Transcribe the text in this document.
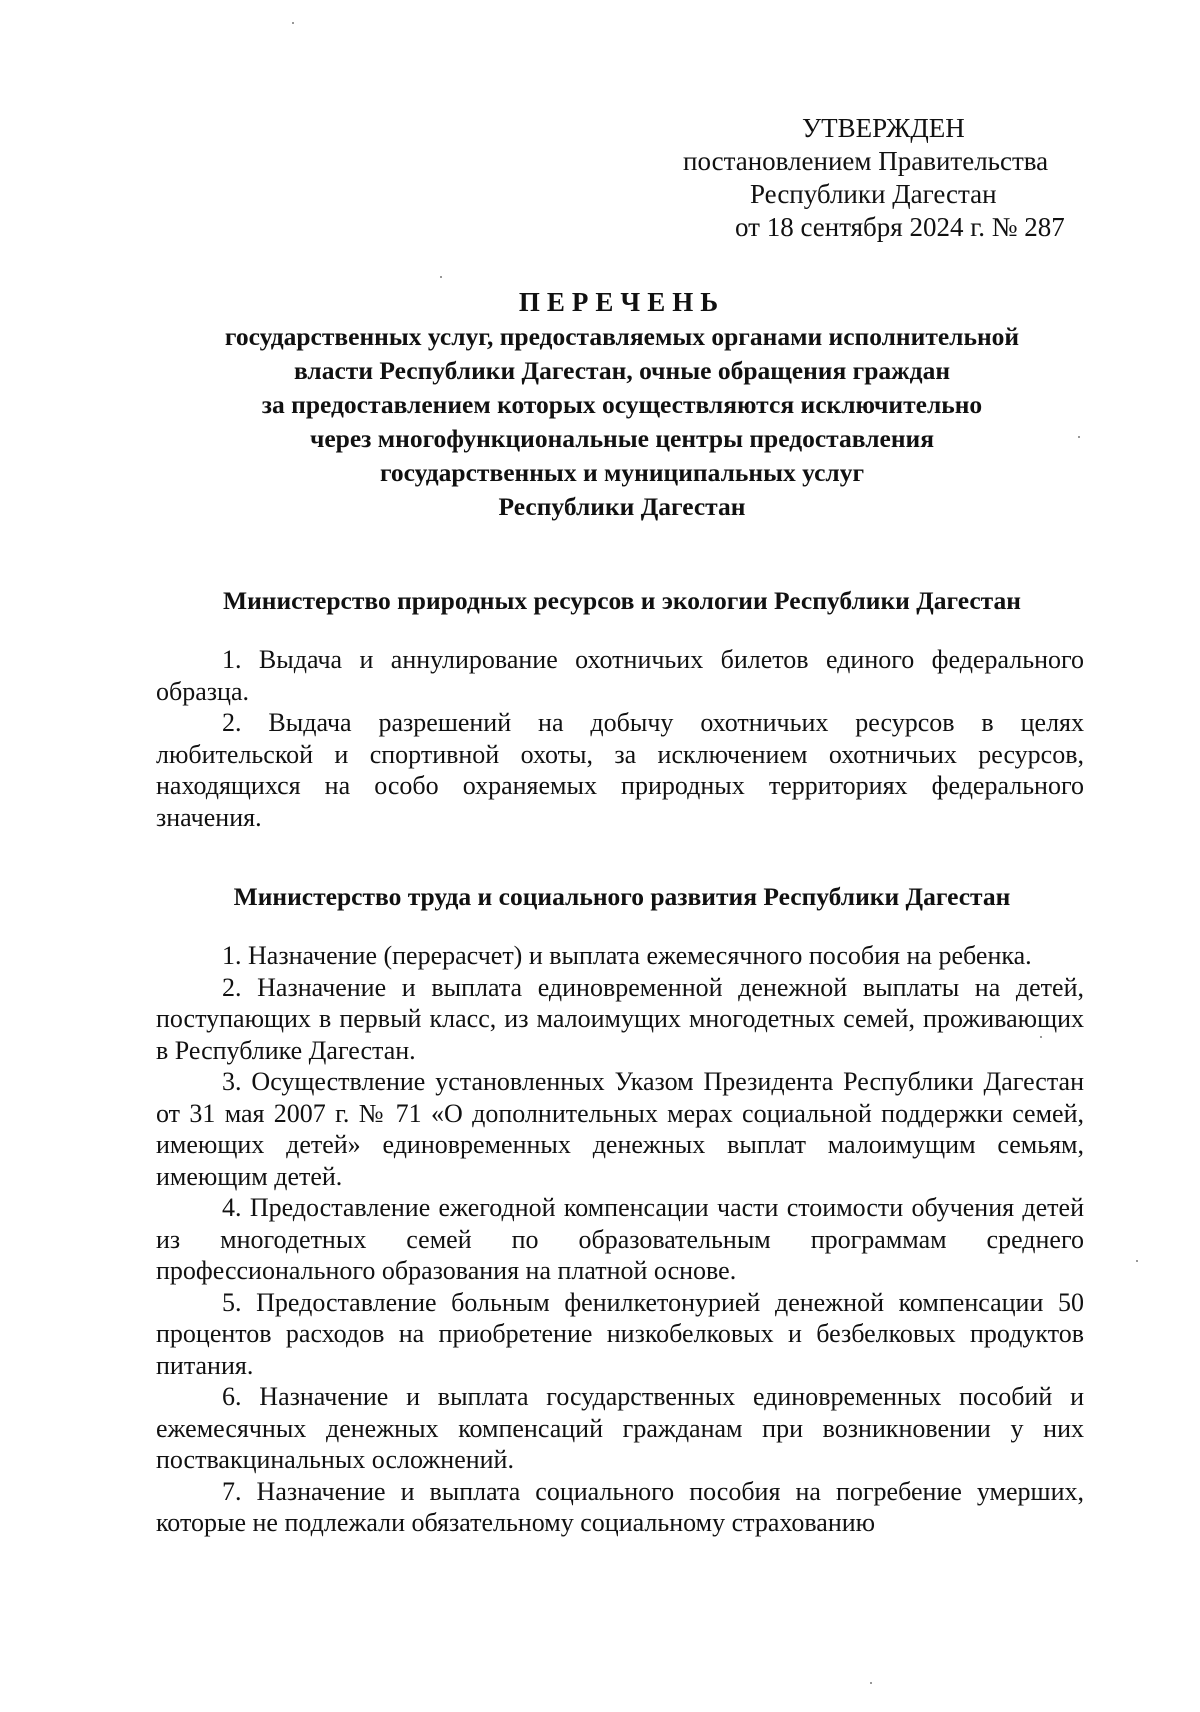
УТВЕРЖДЕН
постановлением Правительства
Республики Дагестан
от 18 сентября 2024 г. № 287
ПЕРЕЧЕНЬ
государственных услуг, предоставляемых органами исполнительной
власти Республики Дагестан, очные обращения граждан
за предоставлением которых осуществляются исключительно
через многофункциональные центры предоставления
государственных и муниципальных услуг
Республики Дагестан
Министерство природных ресурсов и экологии Республики Дагестан

1. Выдача и аннулирование охотничьих билетов единого федерального образца.

2. Выдача разрешений на добычу охотничьих ресурсов в целях любительской и спортивной охоты, за исключением охотничьих ресурсов, находящихся на особо охраняемых природных территориях федерального значения.

Министерство труда и социального развития Республики Дагестан

1. Назначение (перерасчет) и выплата ежемесячного пособия на ребенка.

2. Назначение и выплата единовременной денежной выплаты на детей, поступающих в первый класс, из малоимущих многодетных семей, проживающих в Республике Дагестан.

3. Осуществление установленных Указом Президента Республики Дагестан от 31 мая 2007 г. № 71 «О дополнительных мерах социальной поддержки семей, имеющих детей» единовременных денежных выплат малоимущим семьям, имеющим детей.

4. Предоставление ежегодной компенсации части стоимости обучения детей из многодетных семей по образовательным программам среднего профессионального образования на платной основе.

5. Предоставление больным фенилкетонурией денежной компенсации 50 процентов расходов на приобретение низкобелковых и безбелковых продуктов питания.

6. Назначение и выплата государственных единовременных пособий и ежемесячных денежных компенсаций гражданам при возникновении у них поствакцинальных осложнений.

7. Назначение и выплата социального пособия на погребение умерших, которые не подлежали обязательному социальному страхованию
